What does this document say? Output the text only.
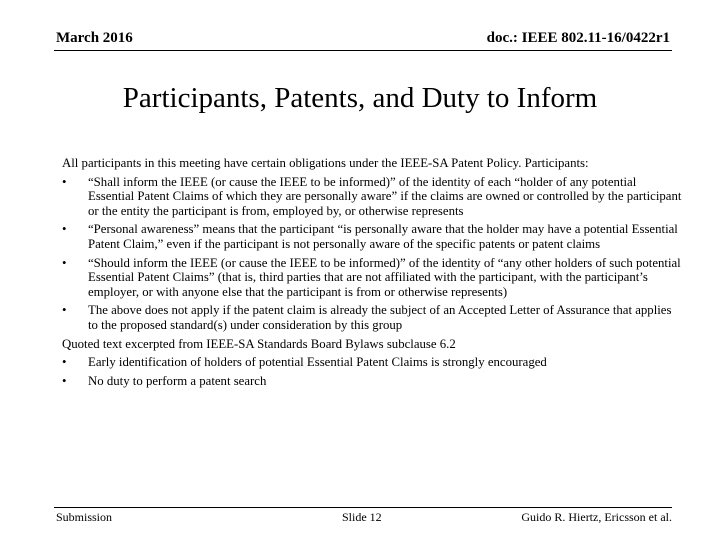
March 2016	doc.: IEEE 802.11-16/0422r1
Participants, Patents, and Duty to Inform

All participants in this meeting have certain obligations under the IEEE-SA Patent Policy. Participants:

• “Shall inform the IEEE (or cause the IEEE to be informed)” of the identity of each “holder of any potential Essential Patent Claims of which they are personally aware” if the claims are owned or controlled by the participant or the entity the participant is from, employed by, or otherwise represents
• “Personal awareness” means that the participant “is personally aware that the holder may have a potential Essential Patent Claim,” even if the participant is not personally aware of the specific patents or patent claims
• “Should inform the IEEE (or cause the IEEE to be informed)” of the identity of “any other holders of such potential Essential Patent Claims” (that is, third parties that are not affiliated with the participant, with the participant’s employer, or with anyone else that the participant is from or otherwise represents)
• The above does not apply if the patent claim is already the subject of an Accepted Letter of Assurance that applies to the proposed standard(s) under consideration by this group

Quoted text excerpted from IEEE-SA Standards Board Bylaws subclause 6.2

• Early identification of holders of potential Essential Patent Claims is strongly encouraged
• No duty to perform a patent search
Submission	Slide 12	Guido R. Hiertz, Ericsson et al.
